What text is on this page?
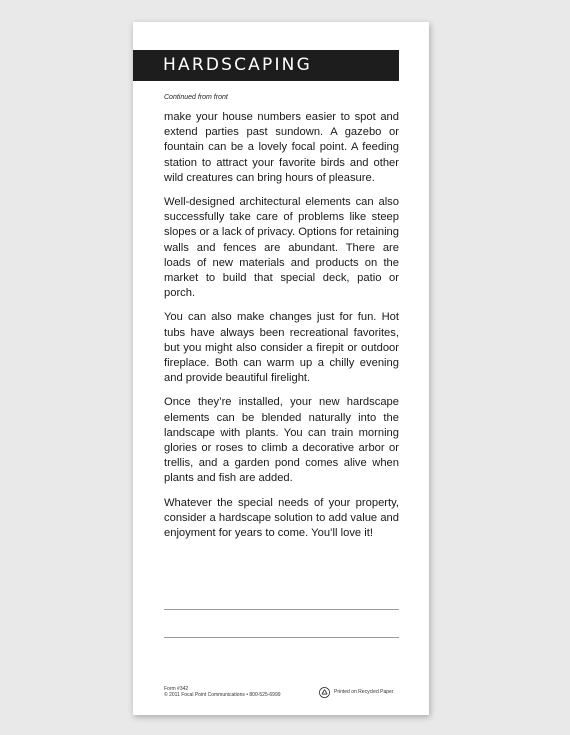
HARDSCAPING
Continued from front

make your house numbers easier to spot and extend parties past sundown. A gazebo or fountain can be a lovely focal point. A feeding station to attract your favorite birds and other wild creatures can bring hours of pleasure.

Well-designed architectural elements can also successfully take care of problems like steep slopes or a lack of privacy. Options for retaining walls and fences are abundant. There are loads of new materials and products on the market to build that special deck, patio or porch.

You can also make changes just for fun. Hot tubs have always been recreational favorites, but you might also consider a firepit or outdoor fireplace. Both can warm up a chilly evening and provide beautiful firelight.

Once they’re installed, your new hardscape elements can be blended naturally into the landscape with plants. You can train morning glories or roses to climb a decorative arbor or trellis, and a garden pond comes alive when plants and fish are added.

Whatever the special needs of your property, consider a hardscape solution to add value and enjoyment for years to come. You’ll love it!

Form #342
© 2011 Focal Point Communications • 800-525-6999	Printed on Recycled Paper
